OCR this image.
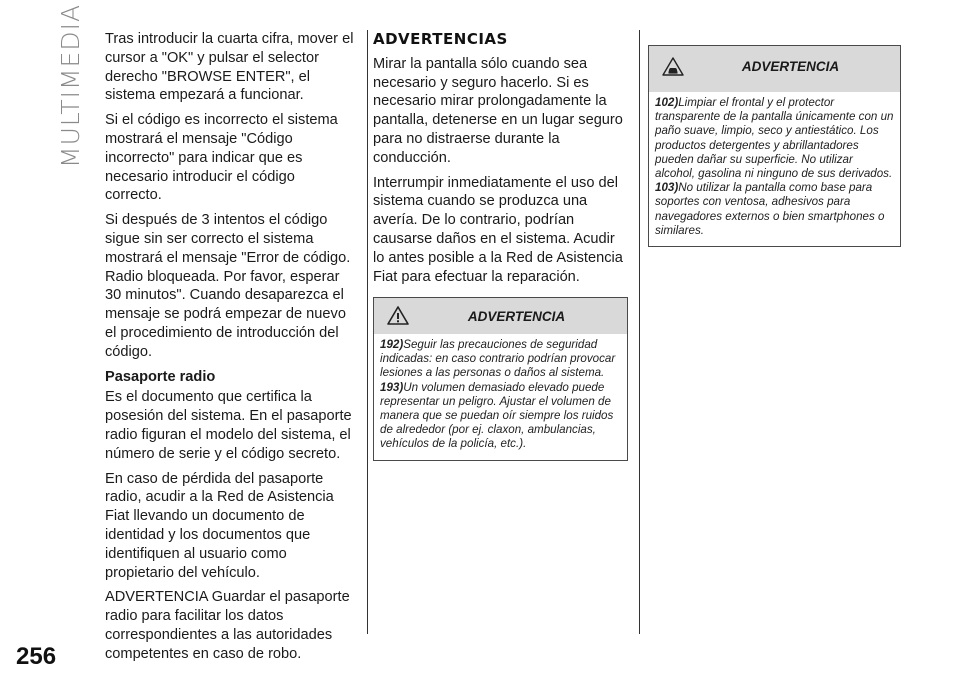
MULTIMEDIA
256

Tras introducir la cuarta cifra, mover el cursor a "OK" y pulsar el selector derecho "BROWSE ENTER", el sistema empezará a funcionar.

Si el código es incorrecto el sistema mostrará el mensaje "Código incorrecto" para indicar que es necesario introducir el código correcto.

Si después de 3 intentos el código sigue sin ser correcto el sistema mostrará el mensaje "Error de código. Radio bloqueada. Por favor, esperar 30 minutos". Cuando desaparezca el mensaje se podrá empezar de nuevo el procedimiento de introducción del código.

Pasaporte radio

Es el documento que certifica la posesión del sistema. En el pasaporte radio figuran el modelo del sistema, el número de serie y el código secreto.

En caso de pérdida del pasaporte radio, acudir a la Red de Asistencia Fiat llevando un documento de identidad y los documentos que identifiquen al usuario como propietario del vehículo.

ADVERTENCIA Guardar el pasaporte radio para facilitar los datos correspondientes a las autoridades competentes en caso de robo.

ADVERTENCIAS

Mirar la pantalla sólo cuando sea necesario y seguro hacerlo. Si es necesario mirar prolongadamente la pantalla, detenerse en un lugar seguro para no distraerse durante la conducción.

Interrumpir inmediatamente el uso del sistema cuando se produzca una avería. De lo contrario, podrían causarse daños en el sistema. Acudir lo antes posible a la Red de Asistencia Fiat para efectuar la reparación.

ADVERTENCIA

192)Seguir las precauciones de seguridad indicadas: en caso contrario podrían provocar lesiones a las personas o daños al sistema.

193)Un volumen demasiado elevado puede representar un peligro. Ajustar el volumen de manera que se puedan oír siempre los ruidos de alrededor (por ej. claxon, ambulancias, vehículos de la policía, etc.).

ADVERTENCIA

102)Limpiar el frontal y el protector transparente de la pantalla únicamente con un paño suave, limpio, seco y antiestático. Los productos detergentes y abrillantadores pueden dañar su superficie. No utilizar alcohol, gasolina ni ninguno de sus derivados.

103)No utilizar la pantalla como base para soportes con ventosa, adhesivos para navegadores externos o bien smartphones o similares.
